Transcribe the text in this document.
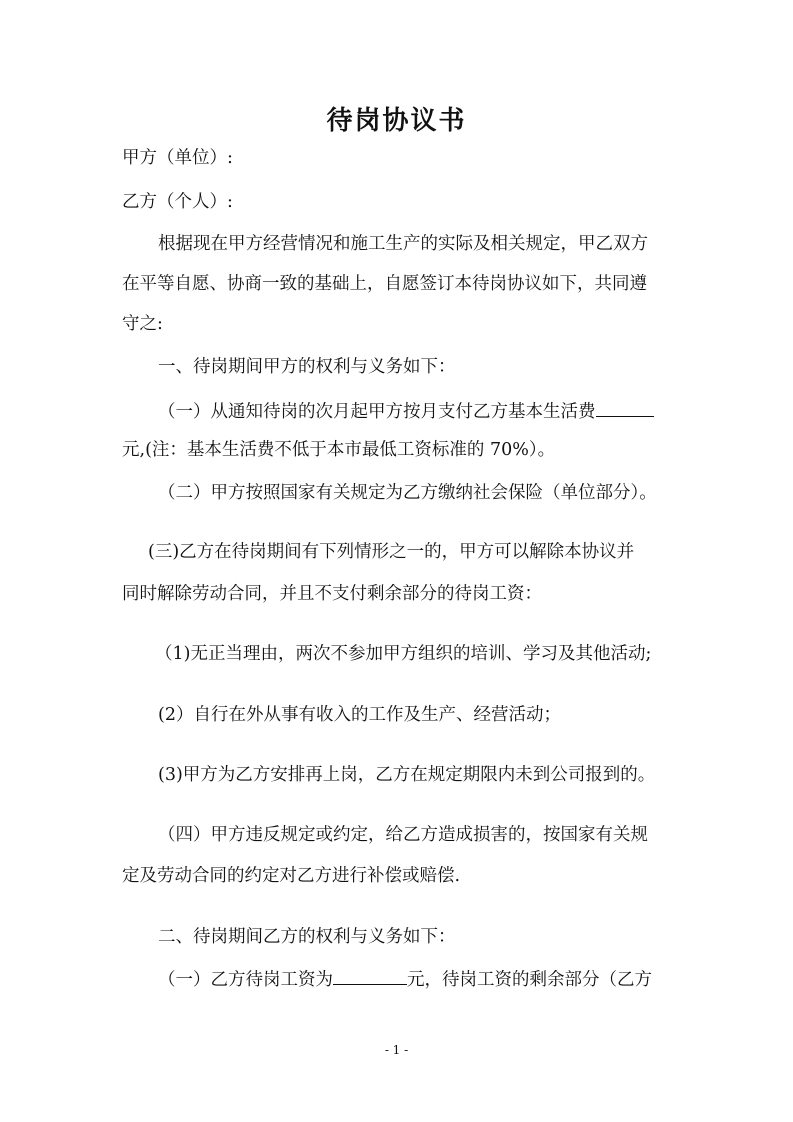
待岗协议书
甲方（单位）:
乙方（个人）:
根据现在甲方经营情况和施工生产的实际及相关规定，甲乙双方
在平等自愿、协商一致的基础上，自愿签订本待岗协议如下，共同遵
守之:
一、待岗期间甲方的权利与义务如下：
（一）从通知待岗的次月起甲方按月支付乙方基本生活费
元,(注：基本生活费不低于本市最低工资标准的 70%）。
（二）甲方按照国家有关规定为乙方缴纳社会保险（单位部分）。
(三)乙方在待岗期间有下列情形之一的，甲方可以解除本协议并
同时解除劳动合同，并且不支付剩余部分的待岗工资：
（1)无正当理由，两次不参加甲方组织的培训、学习及其他活动;
(2）自行在外从事有收入的工作及生产、经营活动；
(3)甲方为乙方安排再上岗，乙方在规定期限内未到公司报到的。
（四）甲方违反规定或约定，给乙方造成损害的，按国家有关规
定及劳动合同的约定对乙方进行补偿或赔偿.
二、待岗期间乙方的权利与义务如下：
（一）乙方待岗工资为	元，待岗工资的剩余部分（乙方
- 1 -
